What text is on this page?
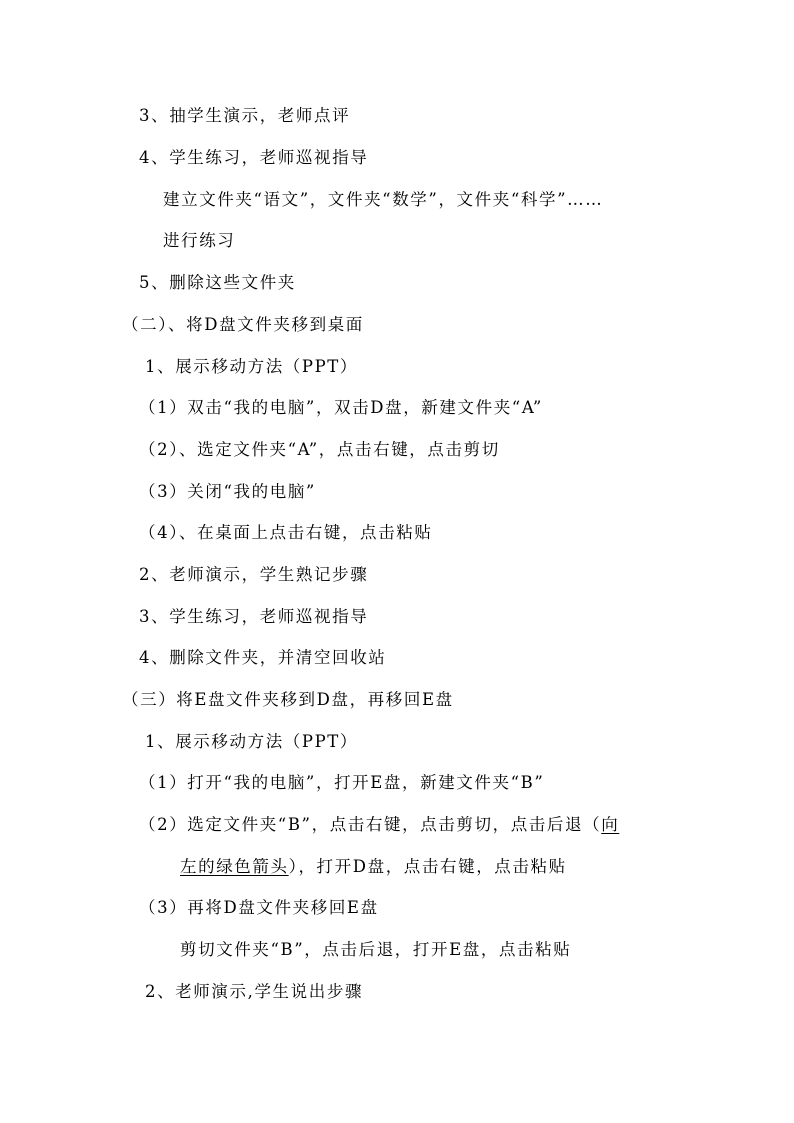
3、抽学生演示，老师点评
4、学生练习，老师巡视指导
建立文件夹“语文”，文件夹“数学”，文件夹“科学”……
进行练习
5、删除这些文件夹
（二）、将D盘文件夹移到桌面
1、展示移动方法（PPT）
（1）双击“我的电脑”，双击D盘，新建文件夹“A”
（2）、选定文件夹“A”，点击右键，点击剪切
（3）关闭“我的电脑”
（4）、在桌面上点击右键，点击粘贴
2、老师演示，学生熟记步骤
3、学生练习，老师巡视指导
4、删除文件夹，并清空回收站
（三）将E盘文件夹移到D盘，再移回E盘
1、展示移动方法（PPT）
（1）打开“我的电脑”，打开E盘，新建文件夹“B”
（2）选定文件夹“B”，点击右键，点击剪切，点击后退（向
左的绿色箭头），打开D盘，点击右键，点击粘贴
（3）再将D盘文件夹移回E盘
剪切文件夹“B”，点击后退，打开E盘，点击粘贴
2、老师演示,学生说出步骤
